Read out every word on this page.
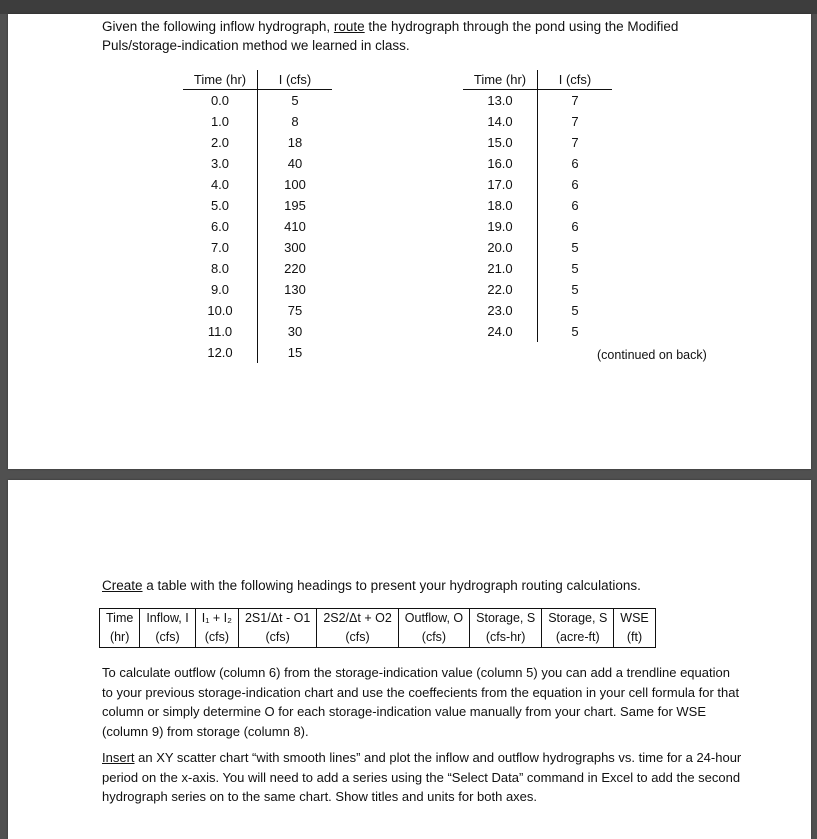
Given the following inflow hydrograph, route the hydrograph through the pond using the Modified Puls/storage-indication method we learned in class.

Time (hr)	I (cfs)
0.0	5
1.0	8
2.0	18
3.0	40
4.0	100
5.0	195
6.0	410
7.0	300
8.0	220
9.0	130
10.0	75
11.0	30
12.0	15
Time (hr)	I (cfs)
13.0	7
14.0	7
15.0	7
16.0	6
17.0	6
18.0	6
19.0	6
20.0	5
21.0	5
22.0	5
23.0	5
24.0	5
(continued on back)
Create a table with the following headings to present your hydrograph routing calculations.
Time	Inflow, I	I₁ + I₂	2S1/Δt - O1	2S2/Δt + O2	Outflow, O	Storage, S	Storage, S	WSE
(hr)	(cfs)	(cfs)	(cfs)	(cfs)	(cfs)	(cfs-hr)	(acre-ft)	(ft)

To calculate outflow (column 6) from the storage-indication value (column 5) you can add a trendline equation to your previous storage-indication chart and use the coeffecients from the equation in your cell formula for that column or simply determine O for each storage-indication value manually from your chart. Same for WSE (column 9) from storage (column 8).

Insert an XY scatter chart “with smooth lines” and plot the inflow and outflow hydrographs vs. time for a 24-hour period on the x-axis. You will need to add a series using the “Select Data” command in Excel to add the second hydrograph series on to the same chart. Show titles and units for both axes.
